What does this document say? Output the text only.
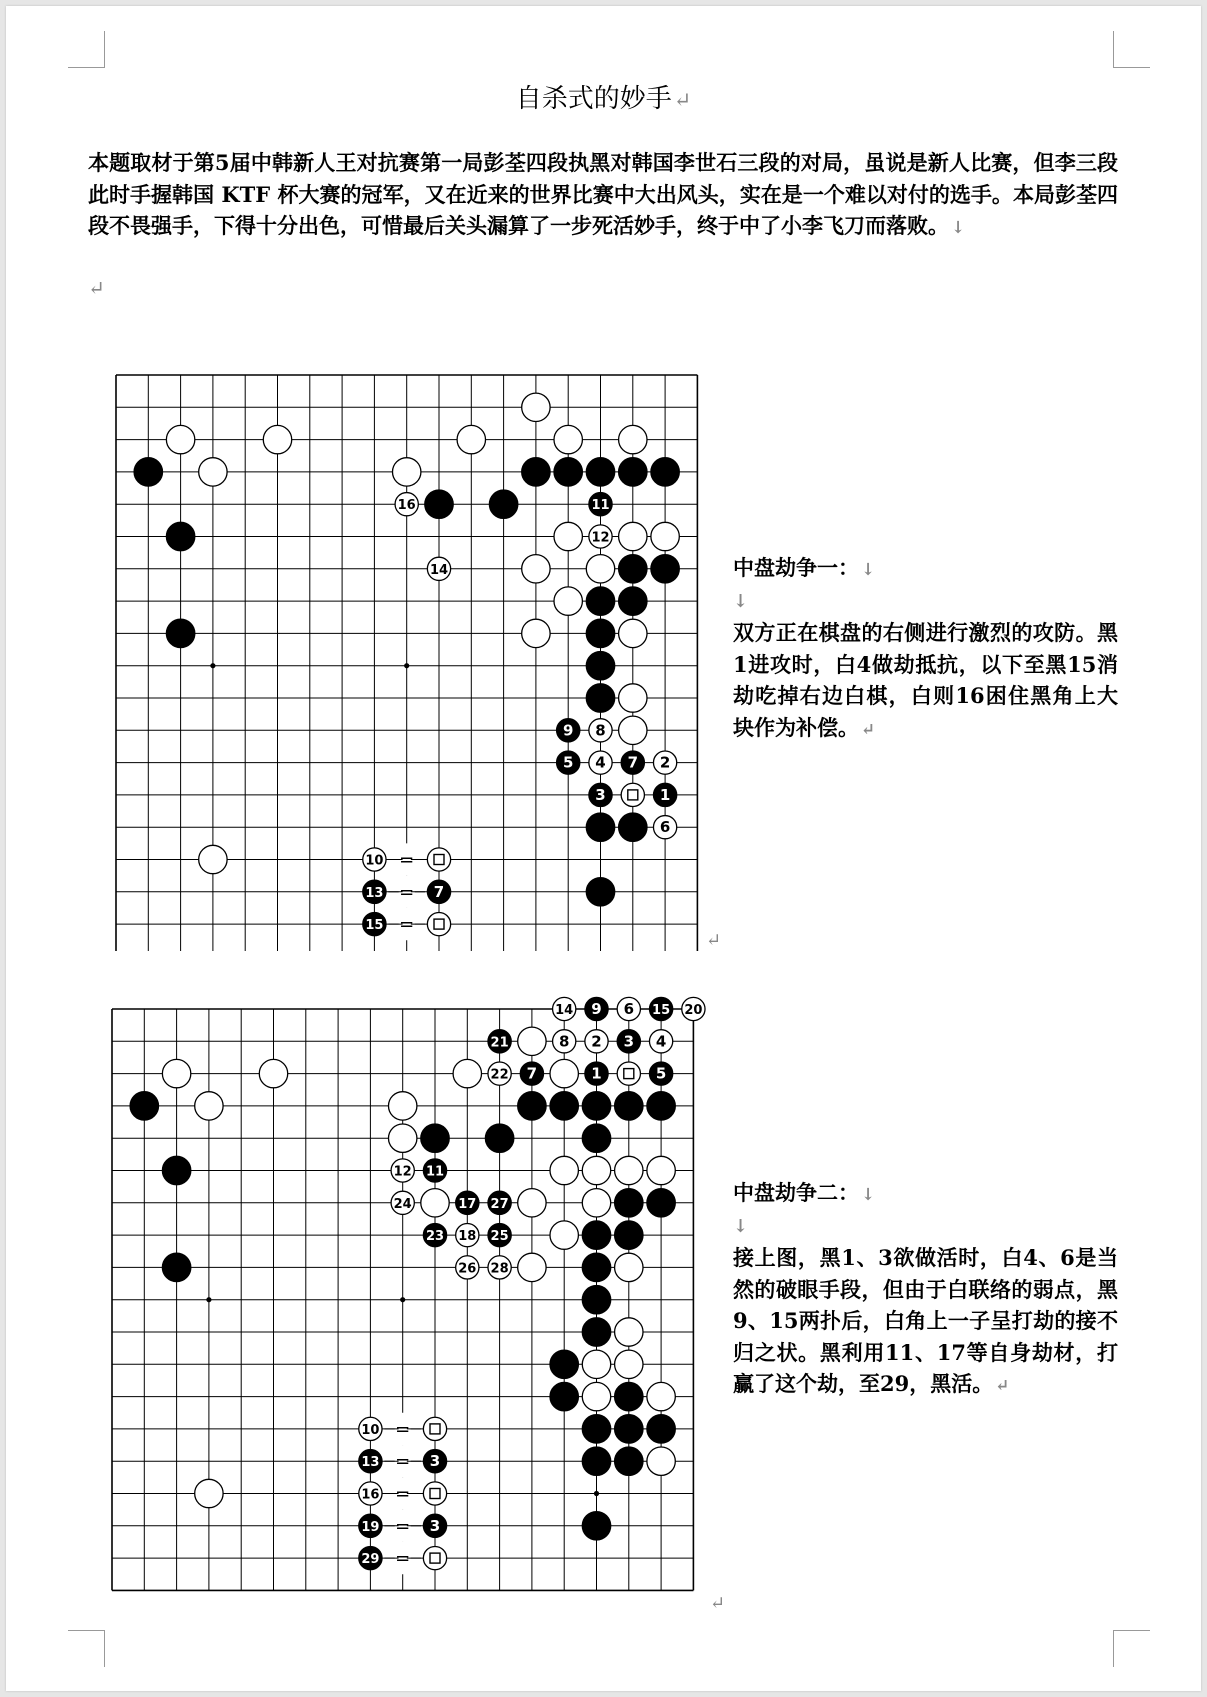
自杀式的妙手↵

本题取材于第5届中韩新人王对抗赛第一局彭荃四段执黑对韩国李世石三段的对局，虽说是新人比赛，但李三段此时手握韩国 KTF 杯大赛的冠军，又在近来的世界比赛中大出风头，实在是一个难以对付的选手。本局彭荃四段不畏强手，下得十分出色，可惜最后关头漏算了一步死活妙手，终于中了小李飞刀而落败。 ↓

↵
=
=
=
16	11
12
14
9 8
5 4 7 2
3	1
6
10
13	7
15
↵
中盘劫争一： ↓
↓

双方正在棋盘的右侧进行激烈的攻防。黑1进攻时，白4做劫抵抗，以下至黑15消劫吃掉右边白棋，白则16困住黑角上大块作为补偿。 ↵

=
=
=
=
=
14 9 6 15 20
21	8 2 3 4
22 7	1	5
12 11
24	17 27
23 18 25
26 28
10
13	3
16
19	3
29
↵
中盘劫争二： ↓
↓

接上图，黑1、3欲做活时，白4、6是当然的破眼手段，但由于白联络的弱点，黑9、15两扑后，白角上一子呈打劫的接不归之状。黑利用11、17等自身劫材，打赢了这个劫，至29，黑活。 ↵
